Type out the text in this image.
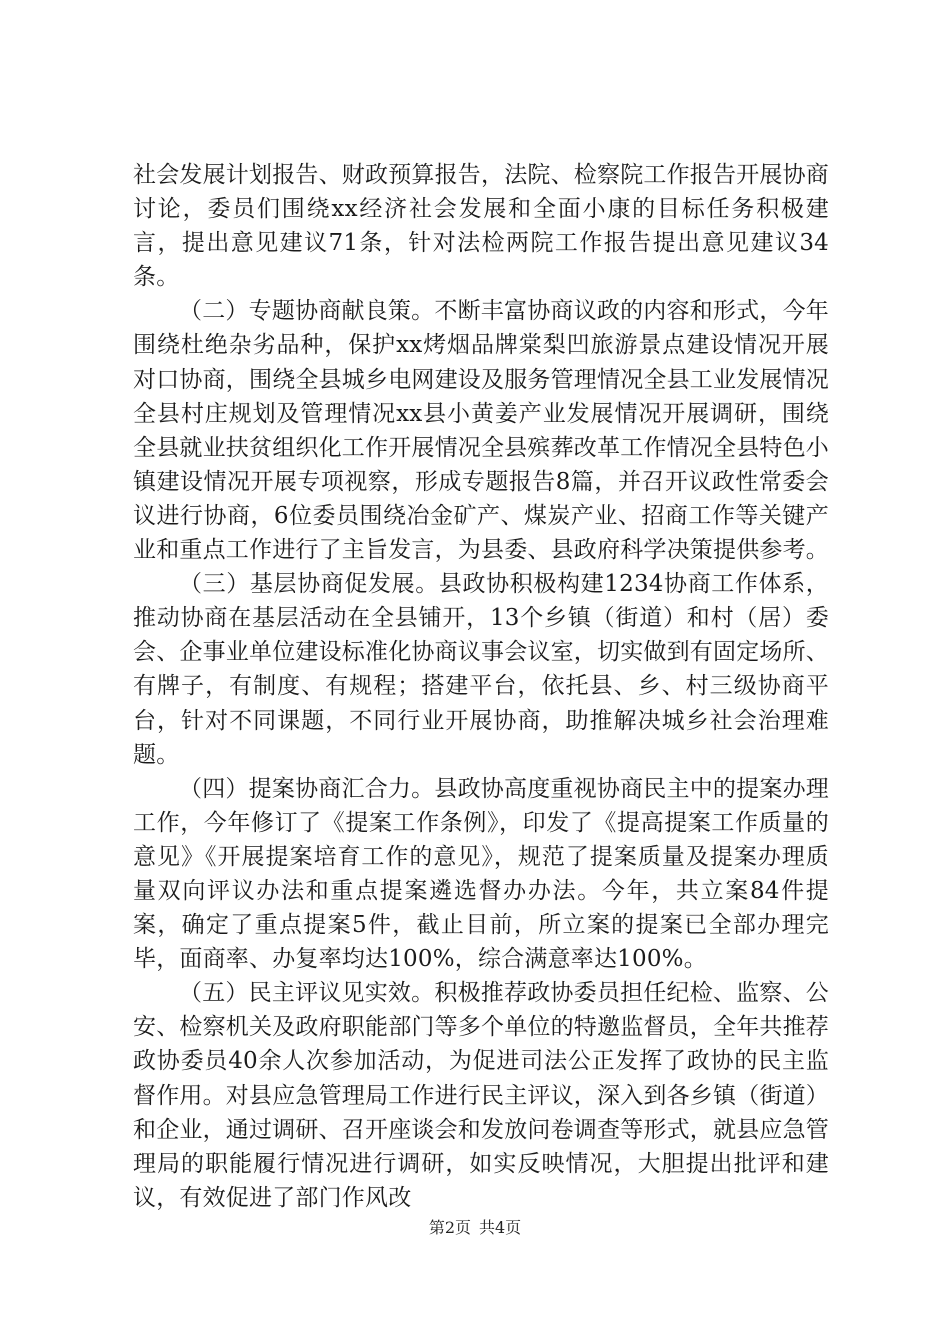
社会发展计划报告、财政预算报告，法院、检察院工作报告开展协商讨论，委员们围绕xx经济社会发展和全面小康的目标任务积极建言，提出意见建议71条，针对法检两院工作报告提出意见建议34条。

（二）专题协商献良策。不断丰富协商议政的内容和形式，今年围绕杜绝杂劣品种，保护xx烤烟品牌棠梨凹旅游景点建设情况开展对口协商，围绕全县城乡电网建设及服务管理情况全县工业发展情况全县村庄规划及管理情况xx县小黄姜产业发展情况开展调研，围绕全县就业扶贫组织化工作开展情况全县殡葬改革工作情况全县特色小镇建设情况开展专项视察，形成专题报告8篇，并召开议政性常委会议进行协商，6位委员围绕冶金矿产、煤炭产业、招商工作等关键产业和重点工作进行了主旨发言，为县委、县政府科学决策提供参考。

（三）基层协商促发展。县政协积极构建1234协商工作体系，推动协商在基层活动在全县铺开，13个乡镇（街道）和村（居）委会、企事业单位建设标准化协商议事会议室，切实做到有固定场所、有牌子，有制度、有规程；搭建平台，依托县、乡、村三级协商平台，针对不同课题，不同行业开展协商，助推解决城乡社会治理难题。

（四）提案协商汇合力。县政协高度重视协商民主中的提案办理工作，今年修订了《提案工作条例》，印发了《提高提案工作质量的意见》《开展提案培育工作的意见》，规范了提案质量及提案办理质量双向评议办法和重点提案遴选督办办法。今年，共立案84件提案，确定了重点提案5件，截止目前，所立案的提案已全部办理完毕，面商率、办复率均达100%，综合满意率达100%。

（五）民主评议见实效。积极推荐政协委员担任纪检、监察、公安、检察机关及政府职能部门等多个单位的特邀监督员，全年共推荐政协委员40余人次参加活动，为促进司法公正发挥了政协的民主监督作用。对县应急管理局工作进行民主评议，深入到各乡镇（街道）和企业，通过调研、召开座谈会和发放问卷调查等形式，就县应急管理局的职能履行情况进行调研，如实反映情况，大胆提出批评和建议，有效促进了部门作风改

第2页 共4页
